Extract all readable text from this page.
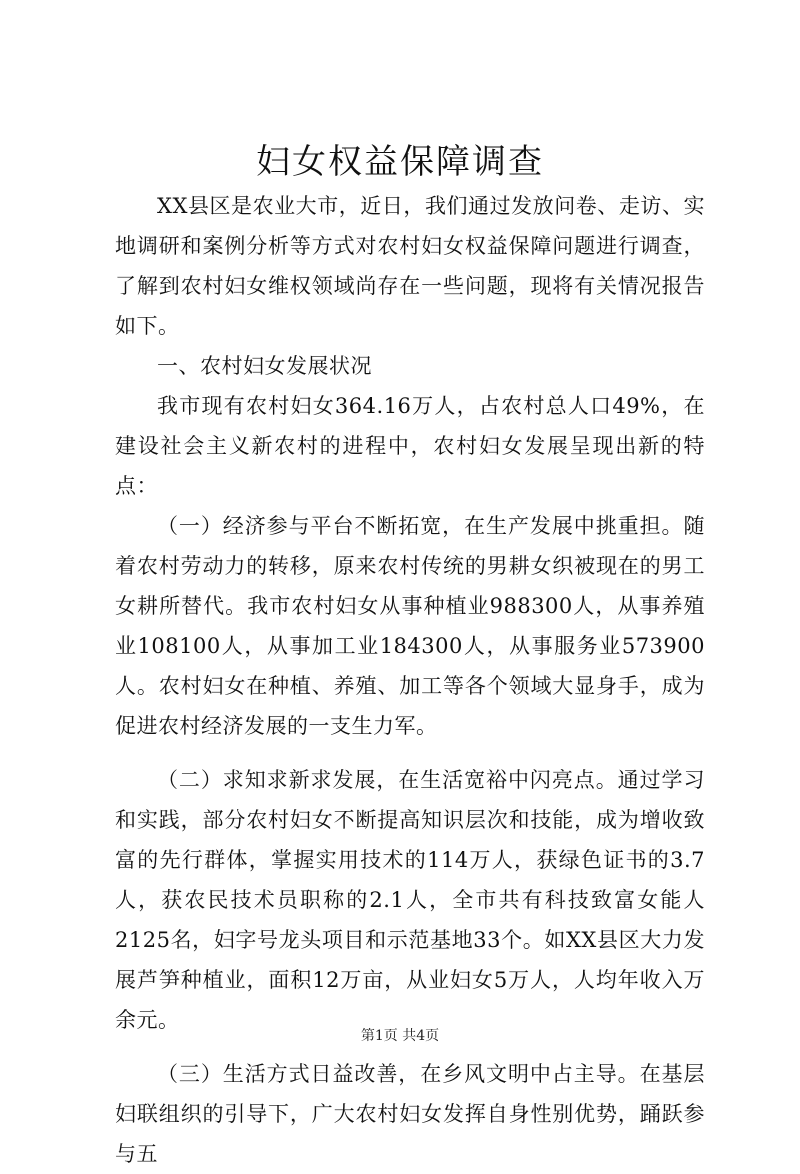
妇女权益保障调查

XX县区是农业大市，近日，我们通过发放问卷、走访、实地调研和案例分析等方式对农村妇女权益保障问题进行调查，了解到农村妇女维权领域尚存在一些问题，现将有关情况报告如下。

一、农村妇女发展状况

我市现有农村妇女364.16万人，占农村总人口49%，在建设社会主义新农村的进程中，农村妇女发展呈现出新的特点：

（一）经济参与平台不断拓宽，在生产发展中挑重担。随着农村劳动力的转移，原来农村传统的男耕女织被现在的男工女耕所替代。我市农村妇女从事种植业988300人，从事养殖业108100人，从事加工业184300人，从事服务业573900人。农村妇女在种植、养殖、加工等各个领域大显身手，成为促进农村经济发展的一支生力军。

（二）求知求新求发展，在生活宽裕中闪亮点。通过学习和实践，部分农村妇女不断提高知识层次和技能，成为增收致富的先行群体，掌握实用技术的114万人，获绿色证书的3.7人，获农民技术员职称的2.1人，全市共有科技致富女能人2125名，妇字号龙头项目和示范基地33个。如XX县区大力发展芦笋种植业，面积12万亩，从业妇女5万人，人均年收入万余元。

（三）生活方式日益改善，在乡风文明中占主导。在基层妇联组织的引导下，广大农村妇女发挥自身性别优势，踊跃参与五

第1页 共4页
